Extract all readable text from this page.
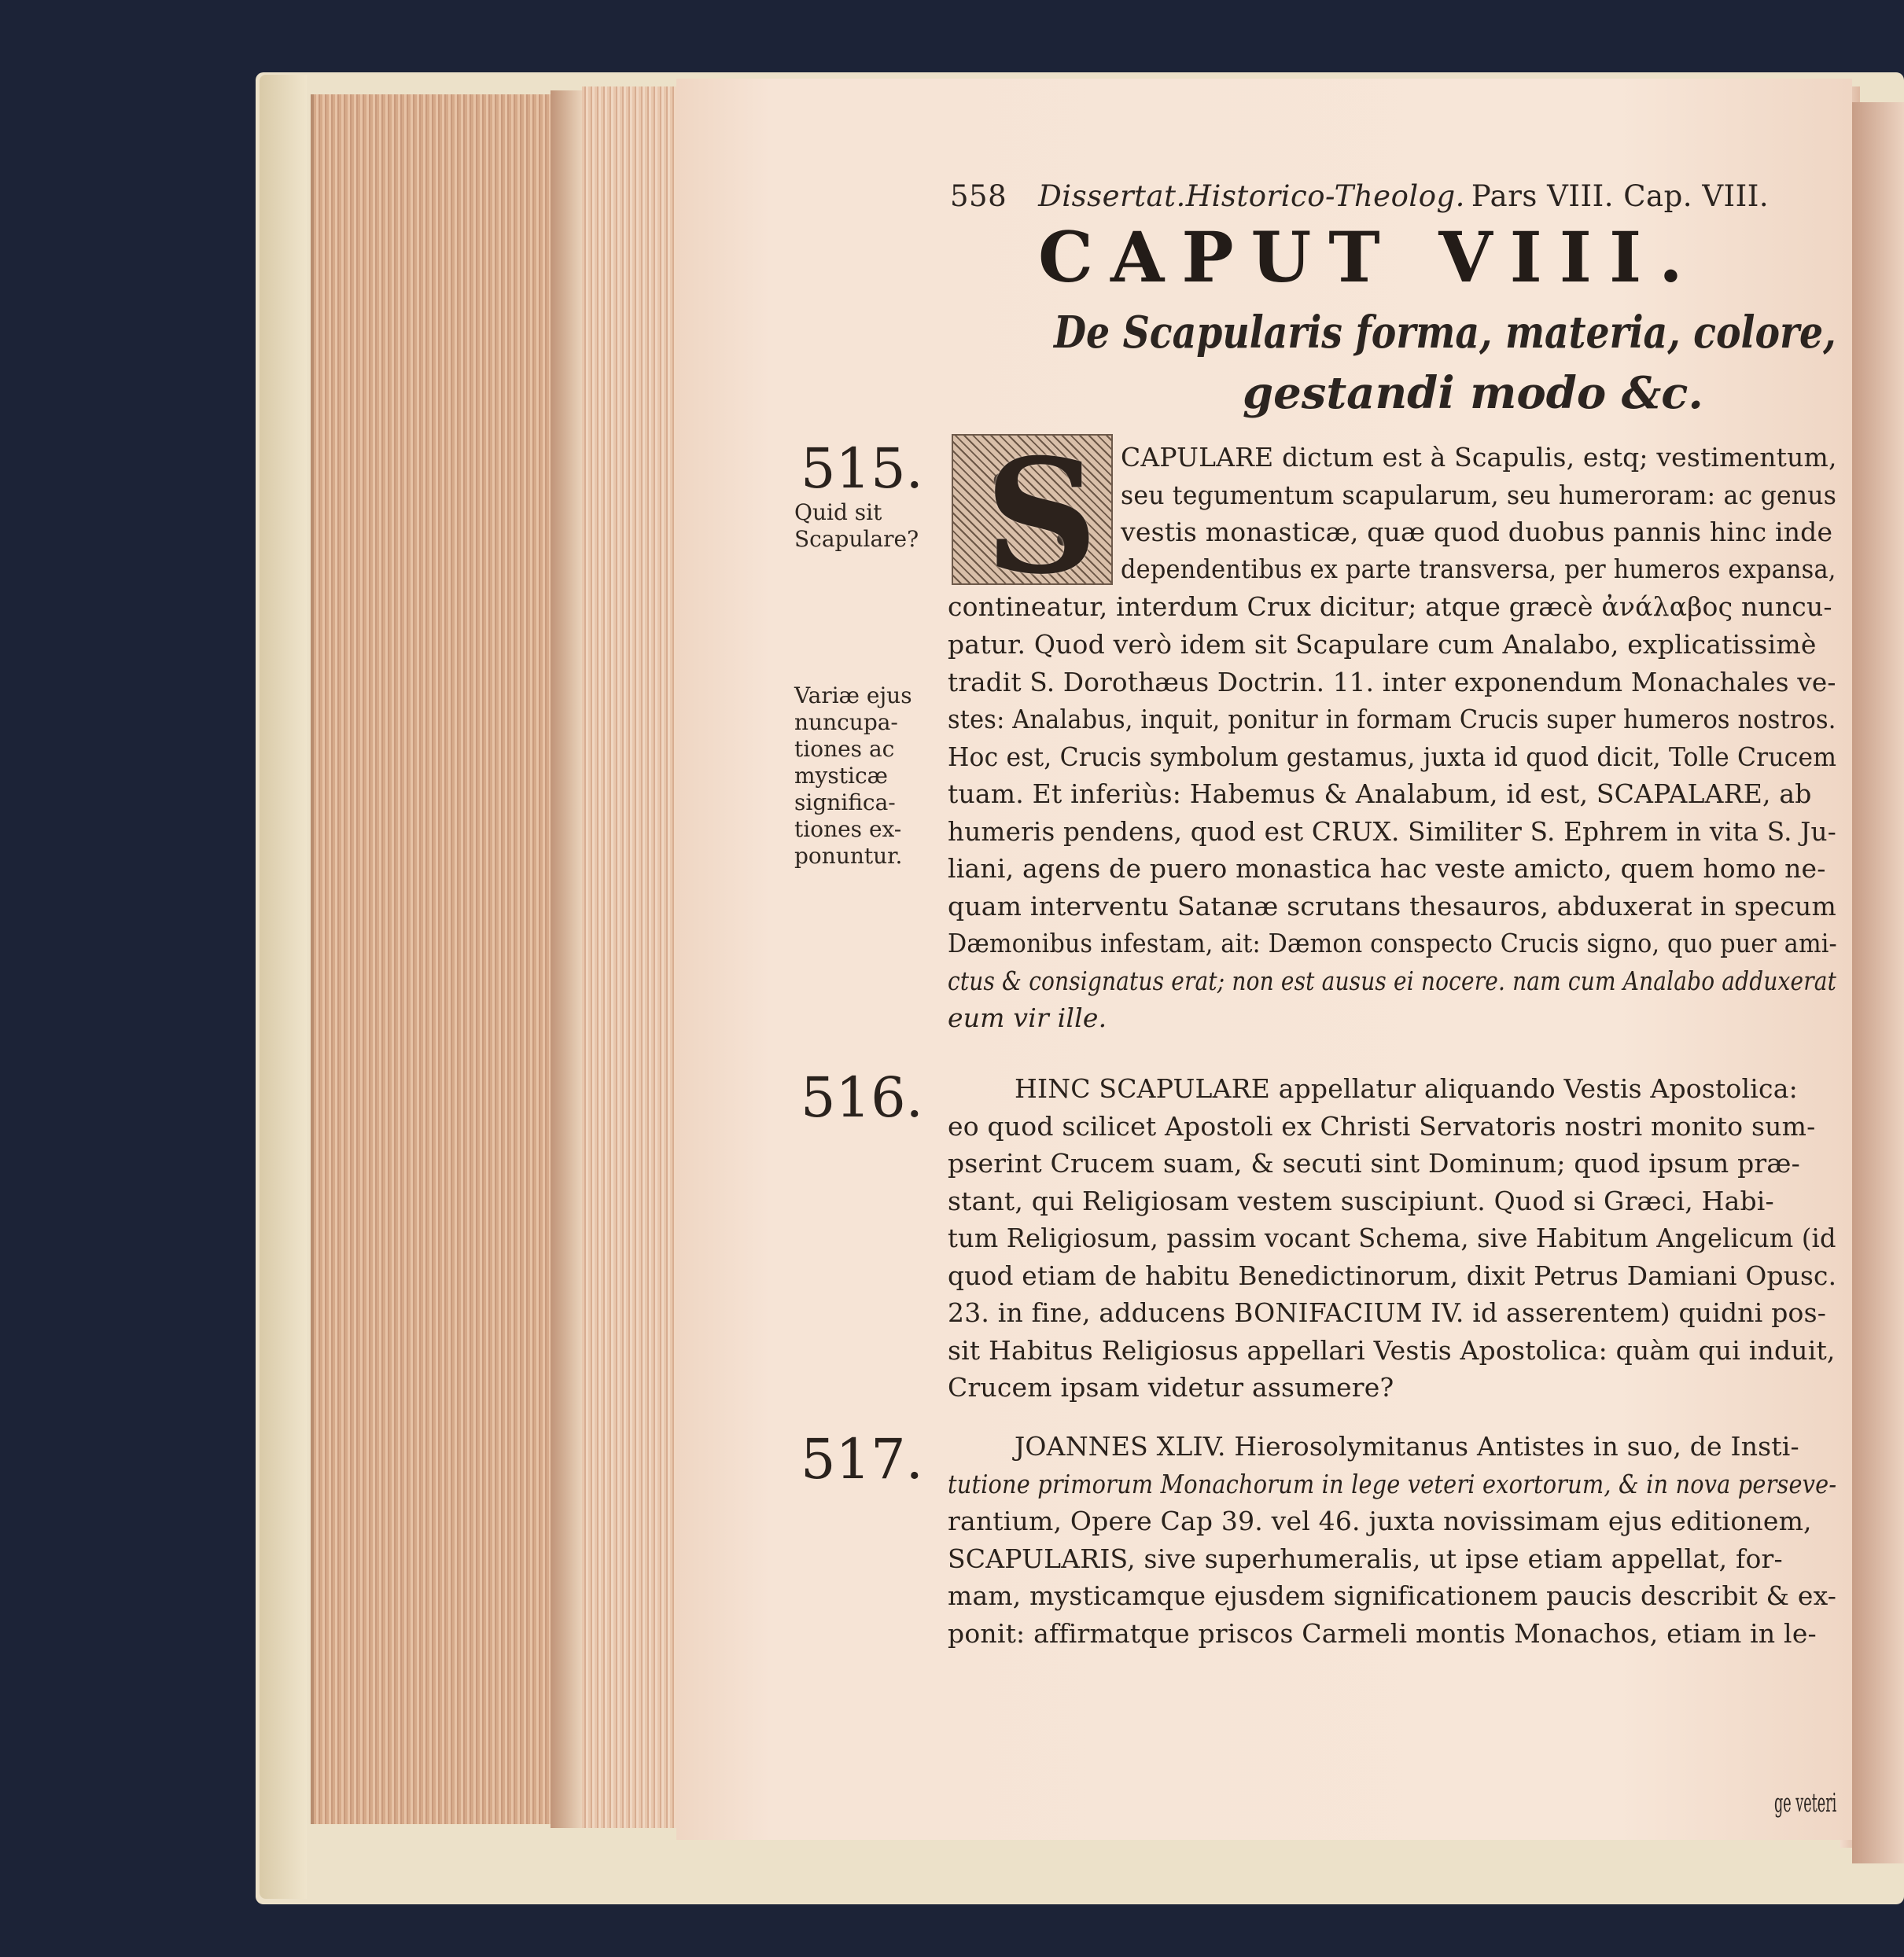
558 Dissertat.Historico-Theolog. Pars VIII. Cap. VIII.
CAPUT VIII.
De Scapularis forma, materia, colore,
gestandi modo &c.
S
515.
Quid sit
Scapulare?
Variæ ejus
nuncupa-
tiones ac
mysticæ
significa-
tiones ex-
ponuntur.
516.
517.
CAPULARE dictum est à Scapulis, estq; vestimentum,
seu tegumentum scapularum, seu humeroram: ac genus
vestis monasticæ, quæ quod duobus pannis hinc inde
dependentibus ex parte transversa, per humeros expansa,
contineatur, interdum Crux dicitur; atque græcè ἀνάλαβος nuncu-
patur. Quod verò idem sit Scapulare cum Analabo, explicatissimè
tradit S. Dorothæus Doctrin. 11. inter exponendum Monachales ve-
stes: Analabus, inquit, ponitur in formam Crucis super humeros nostros.
Hoc est, Crucis symbolum gestamus, juxta id quod dicit, Tolle Crucem
tuam. Et inferiùs: Habemus & Analabum, id est, SCAPALARE, ab
humeris pendens, quod est CRUX. Similiter S. Ephrem in vita S. Ju-
liani, agens de puero monastica hac veste amicto, quem homo ne-
quam interventu Satanæ scrutans thesauros, abduxerat in specum
Dæmonibus infestam, ait: Dæmon conspecto Crucis signo, quo puer ami-
ctus & consignatus erat; non est ausus ei nocere. nam cum Analabo adduxerat
eum vir ille.
HINC SCAPULARE appellatur aliquando Vestis Apostolica:
eo quod scilicet Apostoli ex Christi Servatoris nostri monito sum-
pserint Crucem suam, & secuti sint Dominum; quod ipsum præ-
stant, qui Religiosam vestem suscipiunt. Quod si Græci, Habi-
tum Religiosum, passim vocant Schema, sive Habitum Angelicum (id
quod etiam de habitu Benedictinorum, dixit Petrus Damiani Opusc.
23. in fine, adducens BONIFACIUM IV. id asserentem) quidni pos-
sit Habitus Religiosus appellari Vestis Apostolica: quàm qui induit,
Crucem ipsam videtur assumere?
JOANNES XLIV. Hierosolymitanus Antistes in suo, de Insti-
tutione primorum Monachorum in lege veteri exortorum, & in nova perseve-
rantium, Opere Cap 39. vel 46. juxta novissimam ejus editionem,
SCAPULARIS, sive superhumeralis, ut ipse etiam appellat, for-
mam, mysticamque ejusdem significationem paucis describit & ex-
ponit: affirmatque priscos Carmeli montis Monachos, etiam in le-
ge veteri
